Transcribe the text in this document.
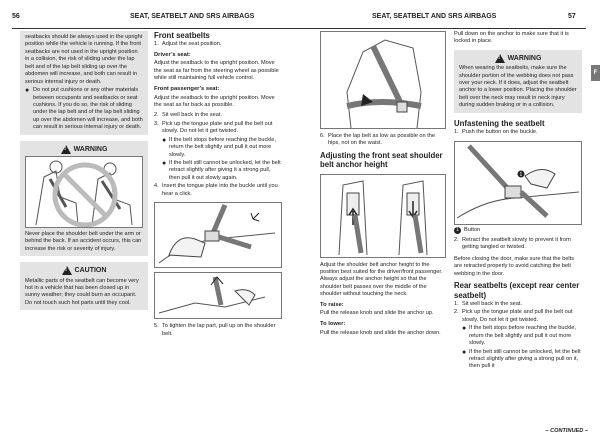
56	SEAT, SEATBELT AND SRS AIRBAGS
seatbacks should be always used in the upright position while the vehicle is running. If the front seatbacks are not used in the upright position in a collision, the risk of sliding under the lap belt and of the lap belt sliding up over the abdomen will increase, and both can result in serious internal injury or death.
● Do not put cushions or any other materials between occupants and seatbacks or seat cushions. If you do so, the risk of sliding under the lap belt and of the lap belt sliding up over the abdomen will increase, and both can result in serious internal injury or death.
!
WARNING
Never place the shoulder belt under the arm or behind the back. If an accident occurs, this can increase the risk or severity of injury.
!
CAUTION
Metallic parts of the seatbelt can become very hot in a vehicle that has been closed up in sunny weather; they could burn an occupant. Do not touch such hot parts until they cool.
Front seatbelts
1. Adjust the seat position.
Driver’s seat:

Adjust the seatback to the upright position. Move the seat as far from the steering wheel as possible while still maintaining full vehicle control.

Front passenger’s seat:

Adjust the seatback to the upright position. Move the seat as far back as possible.

2. Sit well back in the seat.
3. Pick up the tongue plate and pull the belt out slowly. Do not let it get twisted.
● If the belt stops before reaching the buckle, return the belt slightly and pull it out more slowly.
● If the belt still cannot be unlocked, let the belt retract slightly after giving it a strong pull, then pull it out slowly again.
4. Insert the tongue plate into the buckle until you hear a click.
5. To tighten the lap part, pull up on the shoulder belt.
SEAT, SEATBELT AND SRS AIRBAGS	57
F
6. Place the lap belt as low as possible on the hips, not on the waist.
Adjusting the front seat shoulder belt anchor height

Adjust the shoulder belt anchor height to the position best suited for the driver/front passenger. Always adjust the anchor height so that the shoulder belt passes over the middle of the shoulder without touching the neck.

To raise:

Pull the release knob and slide the anchor up.

To lower:

Pull the release knob and slide the anchor down.

Pull down on the anchor to make sure that it is locked in place.

!
WARNING
When wearing the seatbelts, make sure the shoulder portion of the webbing does not pass over your neck. If it does, adjust the seatbelt anchor to a lower position. Placing the shoulder belt over the neck may result in neck injury during sudden braking or in a collision.
Unfastening the seatbelt
1. Push the button on the buckle.
1
1 Button
2. Retract the seatbelt slowly to prevent it from getting tangled or twisted.

Before closing the door, make sure that the belts are retracted properly to avoid catching the belt webbing in the door.

Rear seatbelts (except rear center seatbelt)
1. Sit well back in the seat.
2. Pick up the tongue plate and pull the belt out slowly. Do not let it get twisted.
● If the belt stops before reaching the buckle, return the belt slightly and pull it out more slowly.
● If the belt still cannot be unlocked, let the belt retract slightly after giving a strong pull on it, then pull it
– CONTINUED –
